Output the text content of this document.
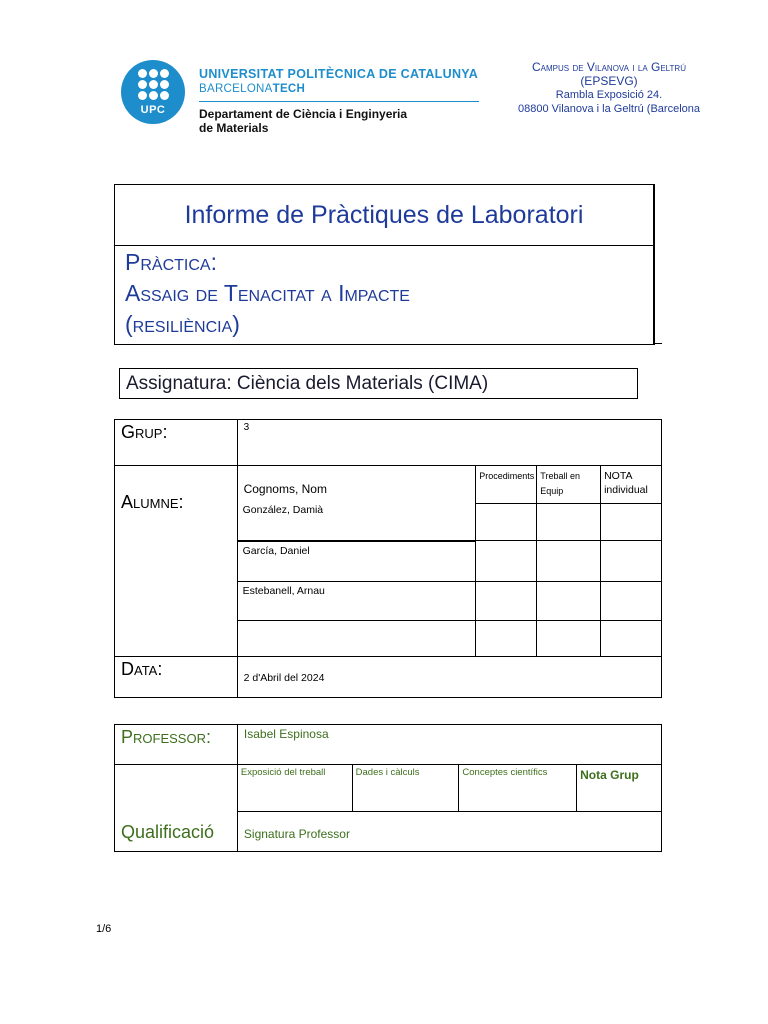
UPC
UNIVERSITAT POLITÈCNICA DE CATALUNYA
BARCELONATECH
Departament de Ciència i Enginyeria
de Materials
Campus de Vilanova i la Geltrú
(EPSEVG)
Rambla Exposició 24.
08800 Vilanova i la Geltrú (Barcelona
Informe de Pràctiques de Laboratori
Pràctica:
Assaig de Tenacitat a Impacte
(resiliència)
Assignatura: Ciència dels Materials (CIMA)
Grup:	3			
Alumne:	Cognoms, Nom	Procediments	Treball en Equip	NOTA individual
	González, Damià			
	García, Daniel			
	Estebanell, Arnau			

Data:	2 d'Abril del 2024			
Professor:	Isabel Espinosa			
Qualificació	Exposició del treball	Dades i càlculs	Conceptes científics	Nota Grup
	Signatura Professor			
1/6
